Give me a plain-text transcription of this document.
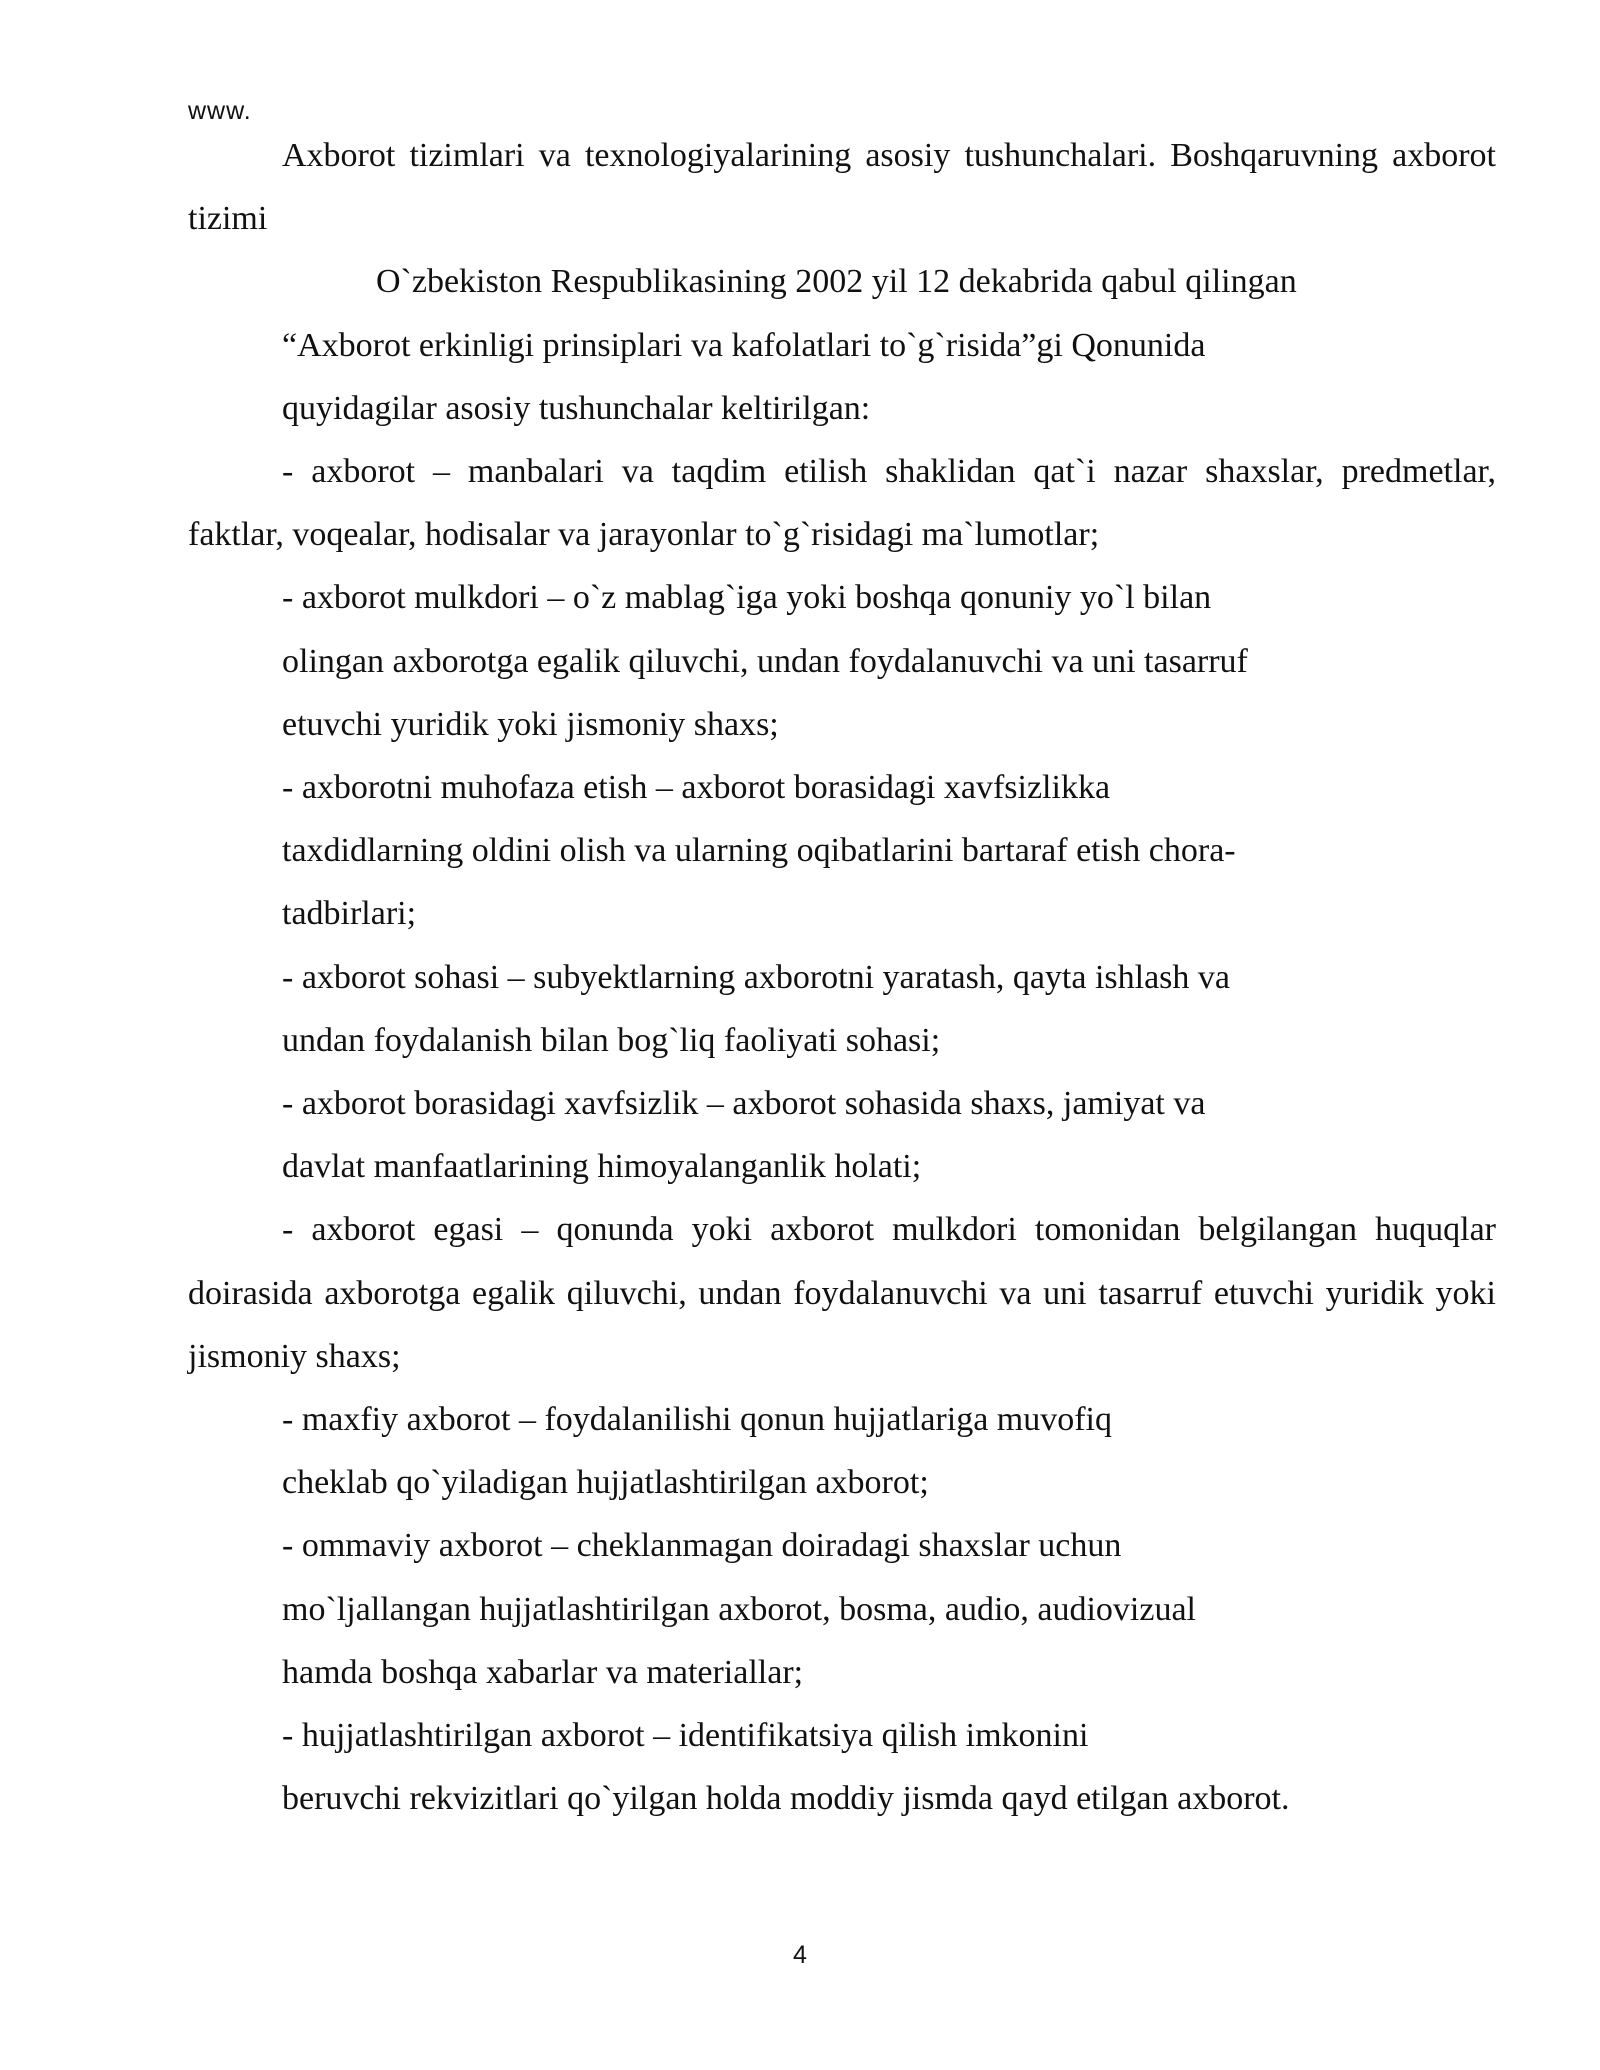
www.

Axborot tizimlari va texnologiyalarining asosiy tushunchalari. Boshqaruvning axborot tizimi

O`zbekiston Respublikasining 2002 yil 12 dekabrida qabul qilingan

“Axborot erkinligi prinsiplari va kafolatlari to`g`risida”gi Qonunida

quyidagilar asosiy tushunchalar keltirilgan:

- axborot – manbalari va taqdim etilish shaklidan qat`i nazar shaxslar, predmetlar, faktlar, voqealar, hodisalar va jarayonlar to`g`risidagi ma`lumotlar;

- axborot mulkdori – o`z mablag`iga yoki boshqa qonuniy yo`l bilan

olingan axborotga egalik qiluvchi, undan foydalanuvchi va uni tasarruf

etuvchi yuridik yoki jismoniy shaxs;

- axborotni muhofaza etish – axborot borasidagi xavfsizlikka

taxdidlarning oldini olish va ularning oqibatlarini bartaraf etish chora-

tadbirlari;

- axborot sohasi – subyektlarning axborotni yaratash, qayta ishlash va

undan foydalanish bilan bog`liq faoliyati sohasi;

- axborot borasidagi xavfsizlik – axborot sohasida shaxs, jamiyat va

davlat manfaatlarining himoyalanganlik holati;

- axborot egasi – qonunda yoki axborot mulkdori tomonidan belgilangan huquqlar doirasida axborotga egalik qiluvchi, undan foydalanuvchi va uni tasarruf etuvchi yuridik yoki jismoniy shaxs;

- maxfiy axborot – foydalanilishi qonun hujjatlariga muvofiq

cheklab qo`yiladigan hujjatlashtirilgan axborot;

- ommaviy axborot – cheklanmagan doiradagi shaxslar uchun

mo`ljallangan hujjatlashtirilgan axborot, bosma, audio, audiovizual

hamda boshqa xabarlar va materiallar;

- hujjatlashtirilgan axborot – identifikatsiya qilish imkonini

beruvchi rekvizitlari qo`yilgan holda moddiy jismda qayd etilgan axborot.

4
